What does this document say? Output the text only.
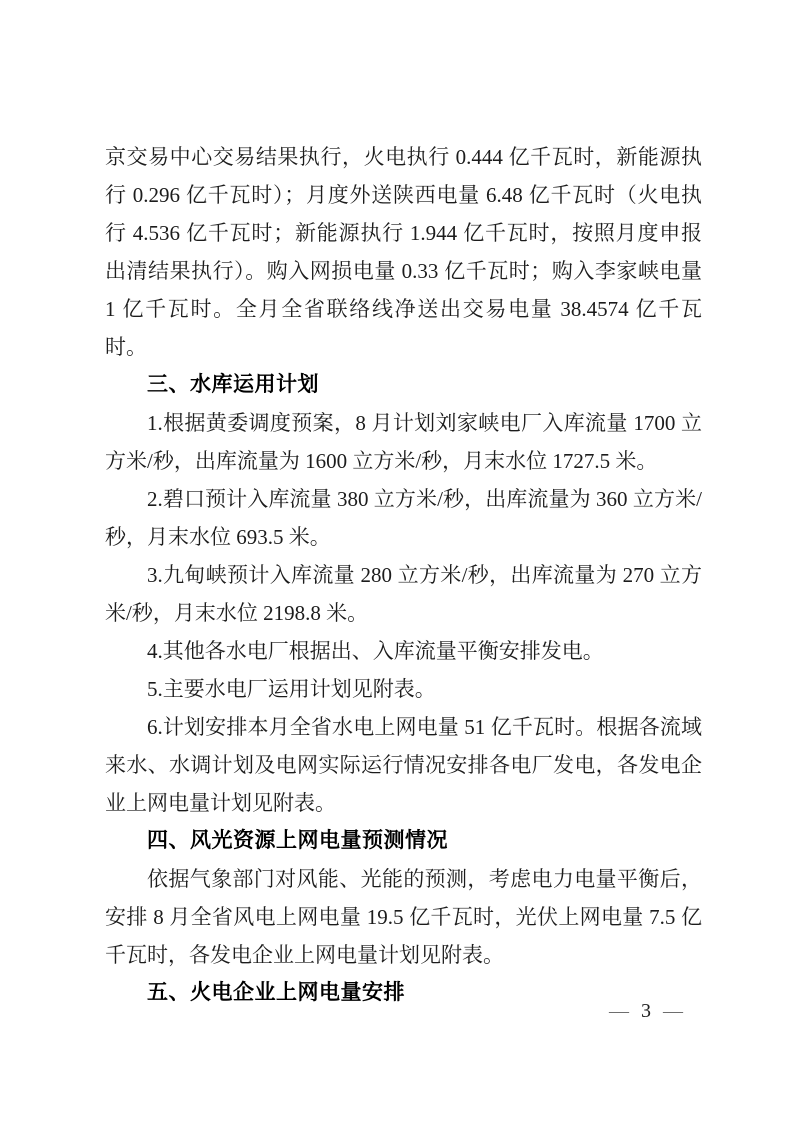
京交易中心交易结果执行，火电执行 0.444 亿千瓦时，新能源执行 0.296 亿千瓦时）；月度外送陕西电量 6.48 亿千瓦时（火电执行 4.536 亿千瓦时；新能源执行 1.944 亿千瓦时，按照月度申报出清结果执行）。购入网损电量 0.33 亿千瓦时；购入李家峡电量 1 亿千瓦时。全月全省联络线净送出交易电量 38.4574 亿千瓦时。

三、水库运用计划

1.根据黄委调度预案，8 月计划刘家峡电厂入库流量 1700 立方米/秒，出库流量为 1600 立方米/秒，月末水位 1727.5 米。

2.碧口预计入库流量 380 立方米/秒，出库流量为 360 立方米/秒，月末水位 693.5 米。

3.九甸峡预计入库流量 280 立方米/秒，出库流量为 270 立方米/秒，月末水位 2198.8 米。

4.其他各水电厂根据出、入库流量平衡安排发电。

5.主要水电厂运用计划见附表。

6.计划安排本月全省水电上网电量 51 亿千瓦时。根据各流域来水、水调计划及电网实际运行情况安排各电厂发电，各发电企业上网电量计划见附表。

四、风光资源上网电量预测情况

依据气象部门对风能、光能的预测，考虑电力电量平衡后，安排 8 月全省风电上网电量 19.5 亿千瓦时，光伏上网电量 7.5 亿千瓦时，各发电企业上网电量计划见附表。

五、火电企业上网电量安排

— 3 —
